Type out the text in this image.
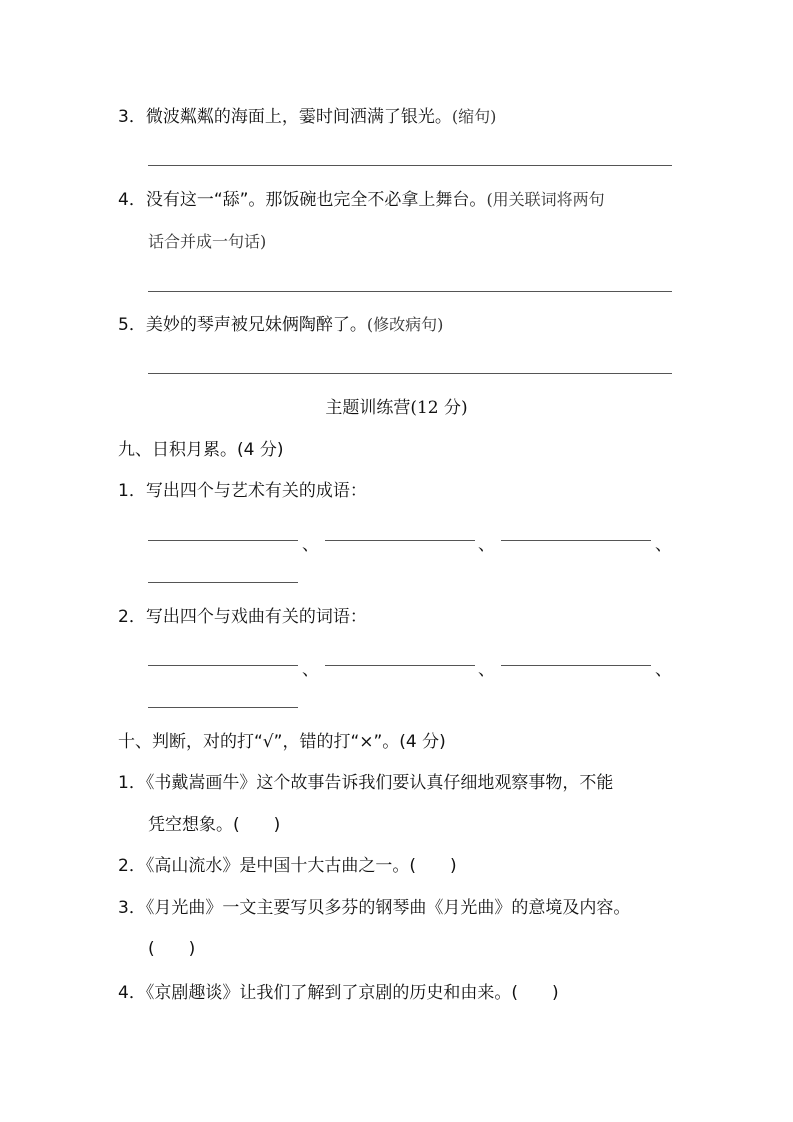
3．微波粼粼的海面上，霎时间洒满了银光。(缩句)
4．没有这一“舔”。那饭碗也完全不必拿上舞台。(用关联词将两句
话合并成一句话)
5．美妙的琴声被兄妹俩陶醉了。(修改病句)
主题训练营(12 分)
九、日积月累。(4 分)
1．写出四个与艺术有关的成语：
、	、	、
2．写出四个与戏曲有关的词语：
、	、	、
十、判断，对的打“√”，错的打“×”。(4 分)
1．《书戴嵩画牛》这个故事告诉我们要认真仔细地观察事物，不能
凭空想象。(　　)
2．《高山流水》是中国十大古曲之一。(　　)
3．《月光曲》一文主要写贝多芬的钢琴曲《月光曲》的意境及内容。
(　　)
4．《京剧趣谈》让我们了解到了京剧的历史和由来。(　　)
